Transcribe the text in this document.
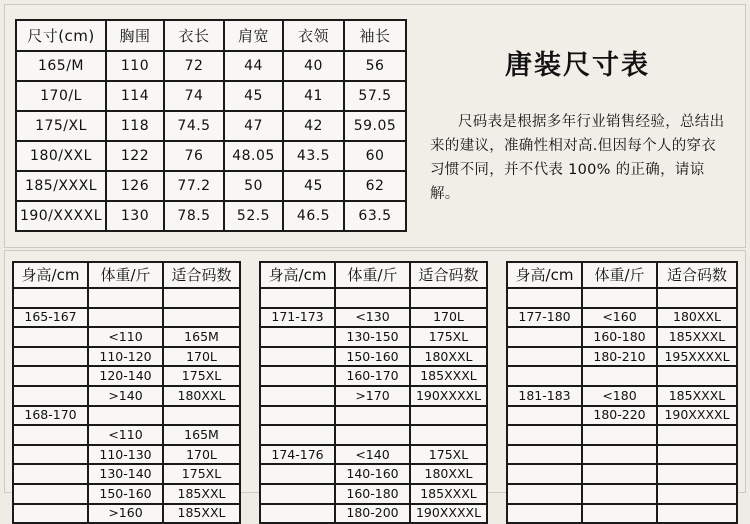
尺寸(cm)	胸围	衣长	肩宽	衣领	袖长
165/M	110	72	44	40	56
170/L	114	74	45	41	57.5
175/XL	118	74.5	47	42	59.05
180/XXL	122	76	48.05	43.5	60
185/XXXL	126	77.2	50	45	62
190/XXXXL	130	78.5	52.5	46.5	63.5
唐装尺寸表
尺码表是根据多年行业销售经验，总结出来的建议，准确性相对高.但因每个人的穿衣习惯不同，并不代表 100% 的正确，请谅解。
身高/cm	体重/斤	适合码数

165-167		
	<110	165M
	110-120	170L
	120-140	175XL
	>140	180XXL
168-170		
	<110	165M
	110-130	170L
	130-140	175XL
	150-160	185XXL
	>160	185XXL
身高/cm	体重/斤	适合码数

171-173	<130	170L
	130-150	175XL
	150-160	180XXL
	160-170	185XXXL
	>170	190XXXXL

174-176	<140	175XL
	140-160	180XXL
	160-180	185XXXL
	180-200	190XXXXL
身高/cm	体重/斤	适合码数

177-180	<160	180XXL
	160-180	185XXXL
	180-210	195XXXXL

181-183	<180	185XXXL
	180-220	190XXXXL
